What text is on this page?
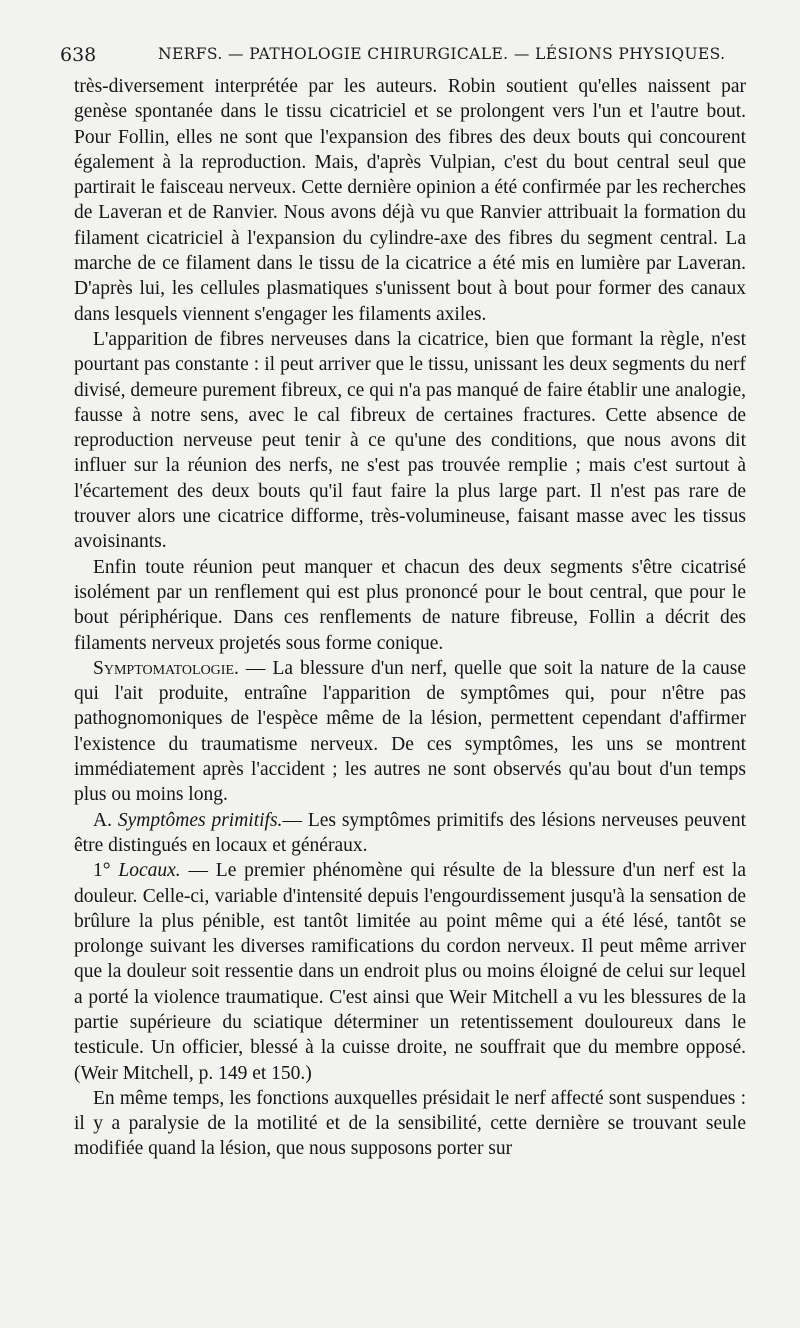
638	NERFS. — PATHOLOGIE CHIRURGICALE. — LÉSIONS PHYSIQUES.

très-diversement interprétée par les auteurs. Robin soutient qu'elles naissent par genèse spontanée dans le tissu cicatriciel et se prolongent vers l'un et l'autre bout. Pour Follin, elles ne sont que l'expansion des fibres des deux bouts qui concourent également à la reproduction. Mais, d'après Vulpian, c'est du bout central seul que partirait le faisceau nerveux. Cette dernière opinion a été confirmée par les recherches de Laveran et de Ranvier. Nous avons déjà vu que Ranvier attribuait la formation du filament cicatriciel à l'expansion du cylindre-axe des fibres du segment central. La marche de ce filament dans le tissu de la cicatrice a été mis en lumière par Laveran. D'après lui, les cellules plasmatiques s'unissent bout à bout pour former des canaux dans lesquels viennent s'engager les filaments axiles.

L'apparition de fibres nerveuses dans la cicatrice, bien que formant la règle, n'est pourtant pas constante : il peut arriver que le tissu, unissant les deux segments du nerf divisé, demeure purement fibreux, ce qui n'a pas manqué de faire établir une analogie, fausse à notre sens, avec le cal fibreux de certaines fractures. Cette absence de reproduction nerveuse peut tenir à ce qu'une des conditions, que nous avons dit influer sur la réunion des nerfs, ne s'est pas trouvée remplie ; mais c'est surtout à l'écartement des deux bouts qu'il faut faire la plus large part. Il n'est pas rare de trouver alors une cicatrice difforme, très-volumineuse, faisant masse avec les tissus avoisinants.

Enfin toute réunion peut manquer et chacun des deux segments s'être cicatrisé isolément par un renflement qui est plus prononcé pour le bout central, que pour le bout périphérique. Dans ces renflements de nature fibreuse, Follin a décrit des filaments nerveux projetés sous forme conique.

Symptomatologie. — La blessure d'un nerf, quelle que soit la nature de la cause qui l'ait produite, entraîne l'apparition de symptômes qui, pour n'être pas pathognomoniques de l'espèce même de la lésion, permettent cependant d'affirmer l'existence du traumatisme nerveux. De ces symptômes, les uns se montrent immédiatement après l'accident ; les autres ne sont observés qu'au bout d'un temps plus ou moins long.

A. Symptômes primitifs.— Les symptômes primitifs des lésions nerveuses peuvent être distingués en locaux et généraux.

1° Locaux. — Le premier phénomène qui résulte de la blessure d'un nerf est la douleur. Celle-ci, variable d'intensité depuis l'engourdissement jusqu'à la sensation de brûlure la plus pénible, est tantôt limitée au point même qui a été lésé, tantôt se prolonge suivant les diverses ramifications du cordon nerveux. Il peut même arriver que la douleur soit ressentie dans un endroit plus ou moins éloigné de celui sur lequel a porté la violence traumatique. C'est ainsi que Weir Mitchell a vu les blessures de la partie supérieure du sciatique déterminer un retentissement douloureux dans le testicule. Un officier, blessé à la cuisse droite, ne souffrait que du membre opposé. (Weir Mitchell, p. 149 et 150.)

En même temps, les fonctions auxquelles présidait le nerf affecté sont suspendues : il y a paralysie de la motilité et de la sensibilité, cette dernière se trouvant seule modifiée quand la lésion, que nous supposons porter sur
